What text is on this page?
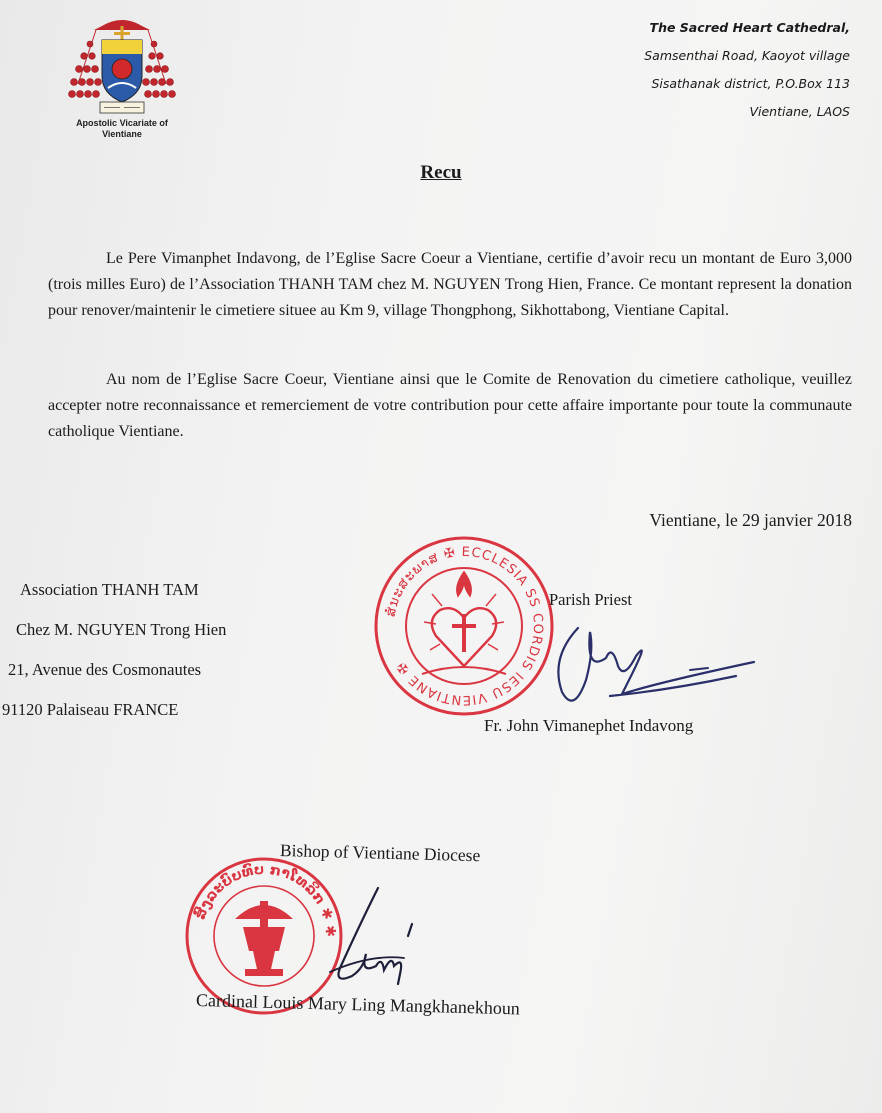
Apostolic Vicariate of
Vientiane
The Sacred Heart Cathedral,
Samsenthai Road, Kaoyot village
Sisathanak district, P.O.Box 113
Vientiane, LAOS
Recu

Le Pere Vimanphet Indavong, de l’Eglise Sacre Coeur a Vientiane, certifie d’avoir recu un montant de Euro 3,000 (trois milles Euro) de l’Association THANH TAM chez M. NGUYEN Trong Hien, France. Ce montant represent la donation pour renover/maintenir le cimetiere situee au Km 9, village Thongphong, Sikhottabong, Vientiane Capital.

Au nom de l’Eglise Sacre Coeur, Vientiane ainsi que le Comite de Renovation du cimetiere catholique, veuillez accepter notre reconnaissance et remerciement de votre contribution pour cette affaire importante pour toute la communaute catholique Vientiane.

Vientiane, le 29 janvier 2018
Association THANH TAM
Chez M. NGUYEN Trong Hien
21, Avenue des Cosmonautes
91120 Palaiseau FRANCE
ສໍ່ນະສະພາສ ✠ ECCLESIA SS CORDIS IESU VIENTIANE ✠
Parish Priest
Fr. John Vimanephet Indavong
Bishop of Vientiane Diocese
ສົງລະບົບທົບ ກາໂທລິກ ✱ ✱
Cardinal Louis Mary Ling Mangkhanekhoun
